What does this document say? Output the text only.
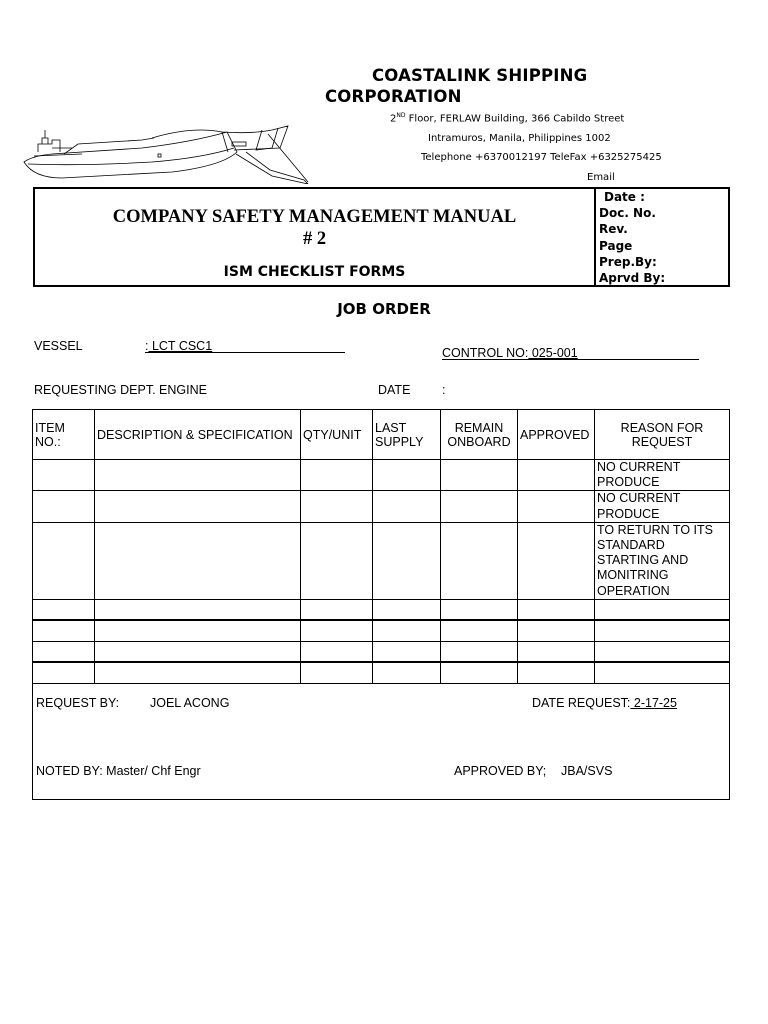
COASTALINK SHIPPING
CORPORATION
2ND Floor, FERLAW Building, 366 Cabildo Street
Intramuros, Manila, Philippines 1002
Telephone +6370012197 TeleFax +6325275425
Email
COMPANY SAFETY MANAGEMENT MANUAL
# 2
ISM CHECKLIST FORMS
Date :
Doc. No.
Rev.
Page
Prep.By:
Aprvd By:
JOB ORDER
VESSEL	: LCT CSC1	CONTROL NO: 025-001
REQUESTING DEPT. ENGINE	DATE	:
ITEM NO.:	DESCRIPTION & SPECIFICATION	QTY/UNIT	LAST SUPPLY	REMAIN ONBOARD	APPROVED	REASON FOR REQUEST
						NO CURRENT PRODUCE
						NO CURRENT PRODUCE
						TO RETURN TO ITS STANDARD STARTING AND MONITRING OPERATION

REQUEST BY: JOEL ACONG	DATE REQUEST: 2-17-25
NOTED BY: Master/ Chf Engr	APPROVED BY; JBA/SVS
